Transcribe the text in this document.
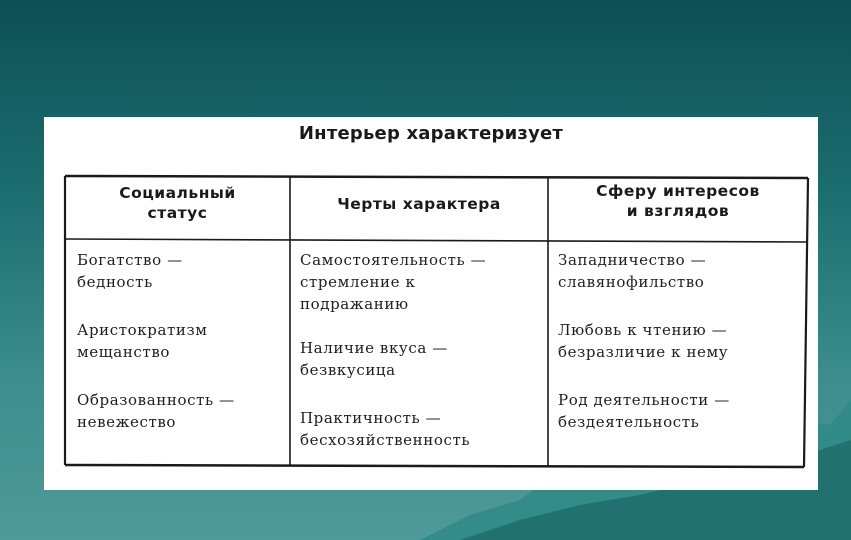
Интерьер характеризует
Социальный
статус	Черты характера
Сферу интересов
и взглядов
Богатство —
бедность
Аристократизм
мещанство
Образованность —
невежество
Самостоятельность —
стремление к
подражанию
Наличие вкуса —
безвкусица
Практичность —
бесхозяйственность
Западничество —
славянофильство
Любовь к чтению —
безразличие к нему
Род деятельности —
бездеятельность
